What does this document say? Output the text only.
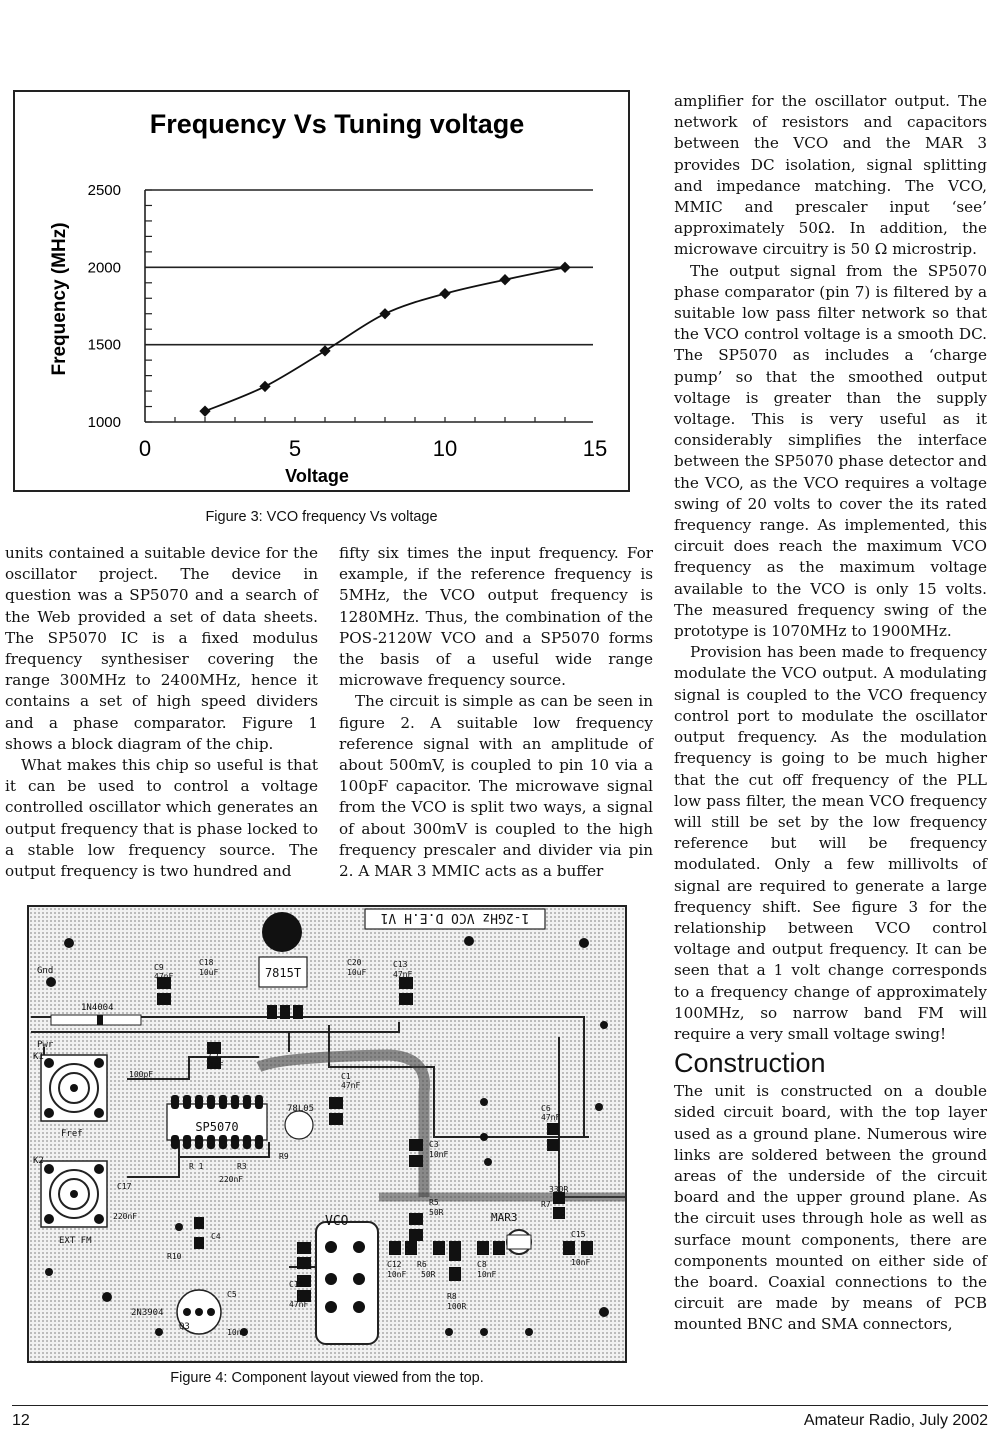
Frequency Vs Tuning voltage
Frequency (MHz)
Voltage
1000
1500
2000
2500
0	5	10	15
Figure 3: VCO frequency Vs voltage

units contained a suitable device for the oscillator project. The device in question was a SP5070 and a search of the Web provided a set of data sheets. The SP5070 IC is a fixed modulus frequency synthesiser covering the range 300MHz to 2400MHz, hence it contains a set of high speed dividers and a phase comparator. Figure 1 shows a block diagram of the chip.

What makes this chip so useful is that it can be used to control a voltage controlled oscillator which generates an output frequency that is phase locked to a stable low frequency source. The output frequency is two hundred and

fifty six times the input frequency. For example, if the reference frequency is 5MHz, the VCO output frequency is 1280MHz. Thus, the combination of the POS-2120W VCO and a SP5070 forms the basis of a useful wide range microwave frequency source.

The circuit is simple as can be seen in figure 2. A suitable low frequency reference signal with an amplitude of about 500mV, is coupled to pin 10 via a 100pF capacitor. The microwave signal from the VCO is split two ways, a signal of about 300mV is coupled to the high frequency prescaler and divider via pin 2. A MAR 3 MMIC acts as a buffer

amplifier for the oscillator output. The network of resistors and capacitors between the VCO and the MAR 3 provides DC isolation, signal splitting and impedance matching. The VCO, MMIC and prescaler input ‘see’ approximately 50Ω. In addition, the microwave circuitry is 50 Ω microstrip.

The output signal from the SP5070 phase comparator (pin 7) is filtered by a suitable low pass filter network so that the VCO control voltage is a smooth DC. The SP5070 as includes a ‘charge pump’ so that the smoothed output voltage is greater than the supply voltage. This is very useful as it considerably simplifies the interface between the SP5070 phase detector and the VCO, as the VCO requires a voltage swing of 20 volts to cover the its rated frequency range. As implemented, this circuit does reach the maximum VCO frequency as the maximum voltage available to the VCO is only 15 volts. The measured frequency swing of the prototype is 1070MHz to 1900MHz.

Provision has been made to frequency modulate the VCO output. A modulating signal is coupled to the VCO frequency control port to modulate the oscillator output frequency. As the modulation frequency is going to be much higher that the cut off frequency of the PLL low pass filter, the mean VCO frequency will still be set by the low frequency reference but will be frequency modulated. Only a few millivolts of signal are required to generate a large frequency shift. See figure 3 for the relationship between VCO control voltage and output frequency. It can be seen that a 1 volt change corresponds to a frequency change of approximately 100MHz, so narrow band FM will require a very small voltage swing!

Construction

The unit is constructed on a double sided circuit board, with the top layer used as a ground plane. Numerous wire links are soldered between the ground areas of the underside of the circuit board and the upper ground plane. As the circuit uses through hole as well as surface mount components, there are components mounted on either side of the board. Coaxial connections to the circuit are made by means of PCB mounted BNC and SMA connectors,

1-2GHz VCO D.E.H V1
7815T
1N4004
Gnd
Pwr
K1
Fref
K2
EXT FM
SP5070
78L05
VCO	MAR3
2N3904
Q3
C9
47nF
C18
10uF
C20
10uF
C13
47nF
C2
1nF
100pF	C1
47nF
C3
10nF
C17
220nF
R 1	R3
C4
R10
C5
10nF
C11
47nF
R5
50R
C12
10nF
R6
50R
C8
10nF
R8
100R
C15
10nF
R7
R9
C6
47nF
220nF
330R
Figure 4: Component layout viewed from the top.
12	Amateur Radio, July 2002
